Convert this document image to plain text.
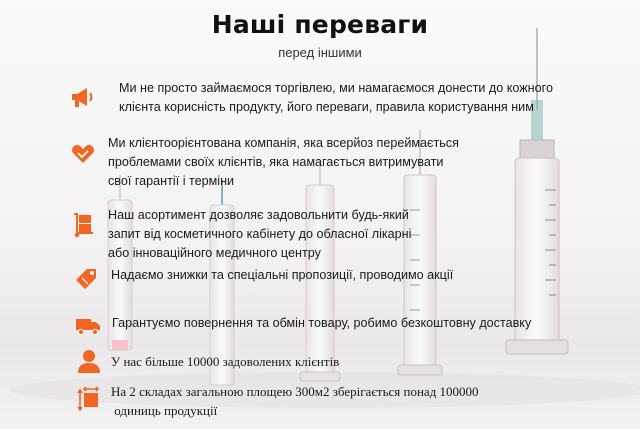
Наші переваги
перед іншими
Ми не просто займаємося торгівлею, ми намагаємося донести до кожного
клієнта корисність продукту, його переваги, правила користування ним
Ми клієнтоорієнтована компанія, яка всерйоз переймається
проблемами своїх клієнтів, яка намагається витримувати
свої гарантії і терміни
Наш асортимент дозволяє задовольнити будь-який
запит від косметичного кабінету до обласної лікарні
або інноваційного медичного центру
Надаємо знижки та спеціальні пропозиції, проводимо акції
Гарантуємо повернення та обмін товару, робимо безкоштовну доставку
У нас більше 10000 задоволених клієнтів
На 2 складах загальною площею 300м2 зберігається понад 100000
одиниць продукції
